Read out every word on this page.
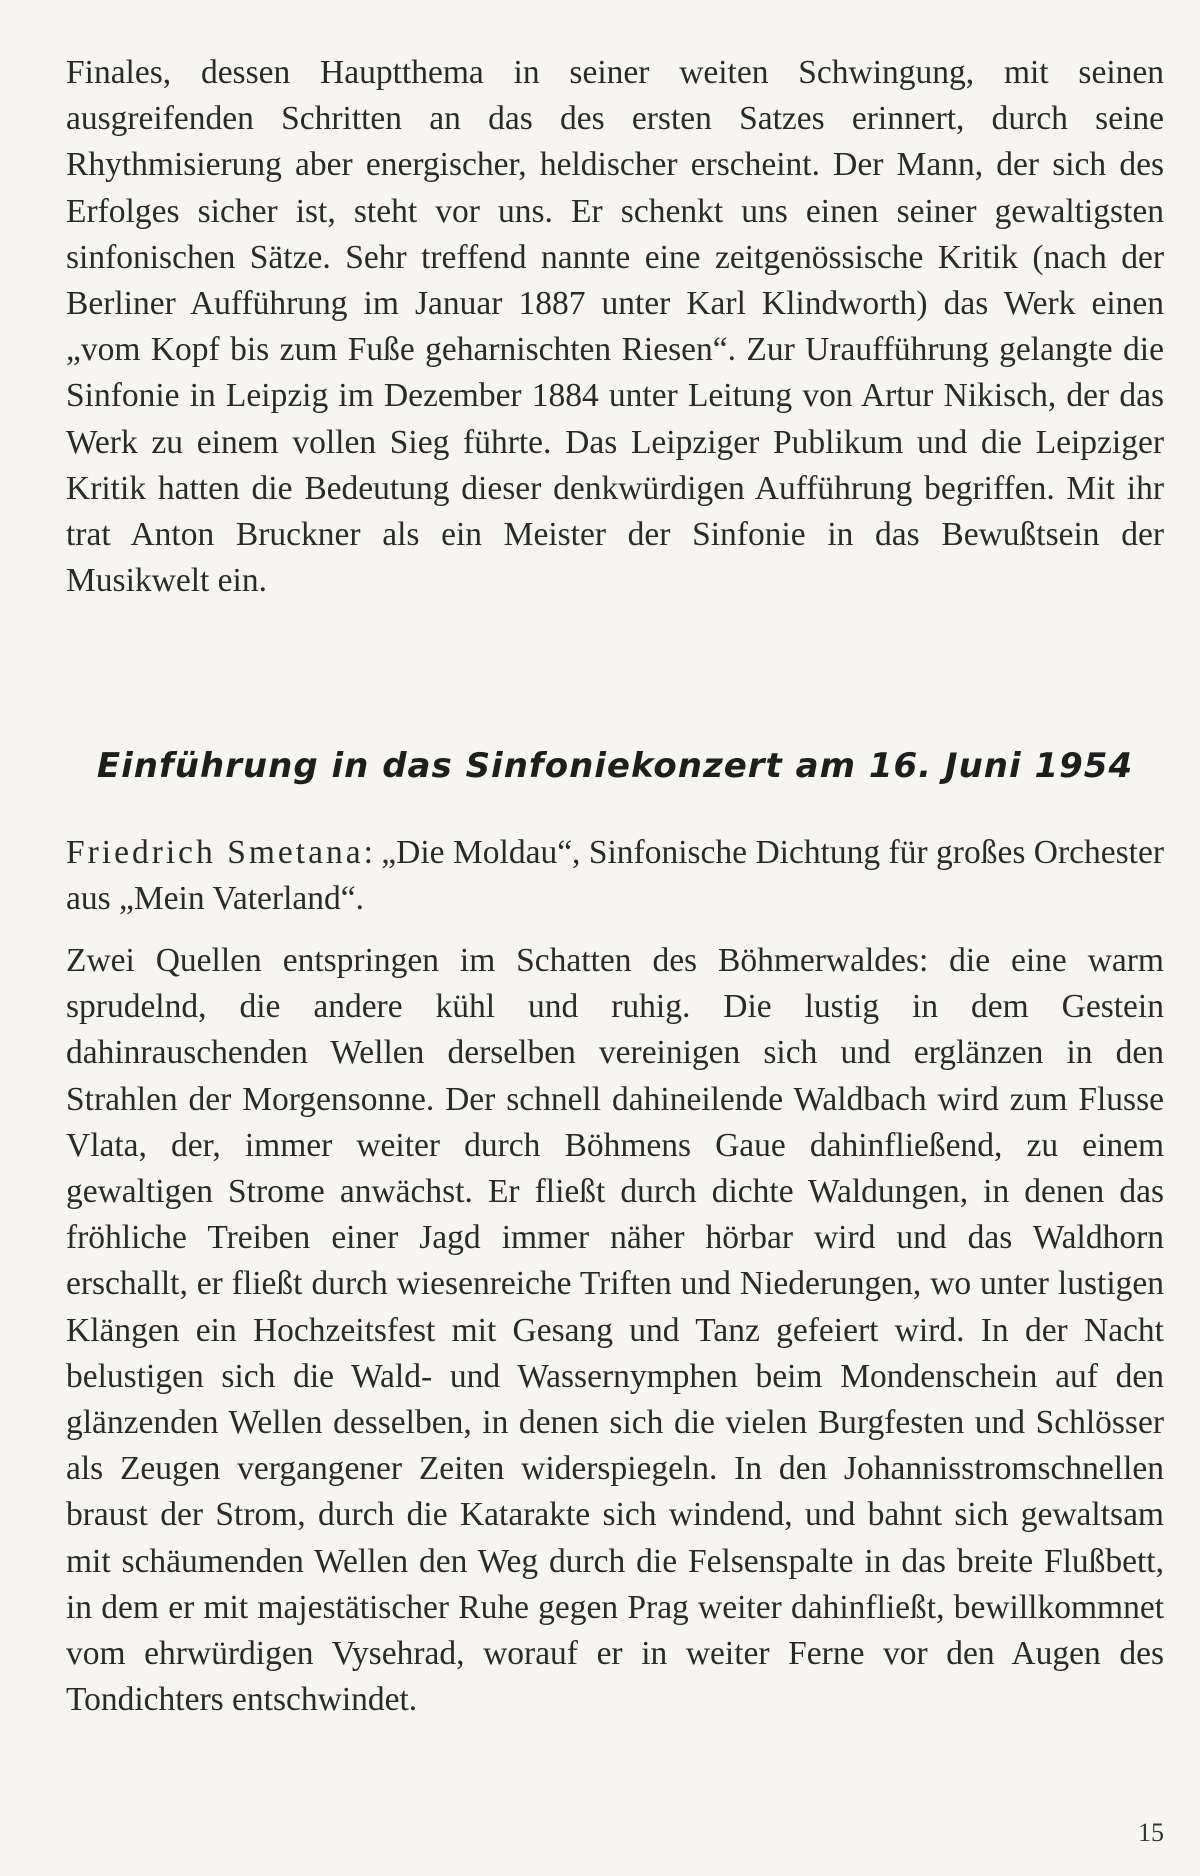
Finales, dessen Hauptthema in seiner weiten Schwingung, mit seinen ausgreifenden Schritten an das des ersten Satzes erinnert, durch seine Rhythmisierung aber energischer, heldischer erscheint. Der Mann, der sich des Erfolges sicher ist, steht vor uns. Er schenkt uns einen seiner gewaltigsten sinfonischen Sätze. Sehr treffend nannte eine zeitgenössische Kritik (nach der Berliner Aufführung im Januar 1887 unter Karl Klindworth) das Werk einen „vom Kopf bis zum Fuße geharnischten Riesen“. Zur Uraufführung gelangte die Sinfonie in Leipzig im Dezember 1884 unter Leitung von Artur Nikisch, der das Werk zu einem vollen Sieg führte. Das Leipziger Publikum und die Leipziger Kritik hatten die Bedeutung dieser denkwürdigen Aufführung begriffen. Mit ihr trat Anton Bruckner als ein Meister der Sinfonie in das Bewußtsein der Musikwelt ein.

Einführung in das Sinfoniekonzert am 16. Juni 1954

Friedrich Smetana: „Die Moldau“, Sinfonische Dichtung für großes Orchester aus „Mein Vaterland“.

Zwei Quellen entspringen im Schatten des Böhmerwaldes: die eine warm sprudelnd, die andere kühl und ruhig. Die lustig in dem Gestein dahinrauschenden Wellen derselben vereinigen sich und erglänzen in den Strahlen der Morgensonne. Der schnell dahineilende Waldbach wird zum Flusse Vlata, der, immer weiter durch Böhmens Gaue dahinfließend, zu einem gewaltigen Strome anwächst. Er fließt durch dichte Waldungen, in denen das fröhliche Treiben einer Jagd immer näher hörbar wird und das Waldhorn erschallt, er fließt durch wiesenreiche Triften und Niederungen, wo unter lustigen Klängen ein Hochzeitsfest mit Gesang und Tanz gefeiert wird. In der Nacht belustigen sich die Wald- und Wassernymphen beim Mondenschein auf den glänzenden Wellen desselben, in denen sich die vielen Burgfesten und Schlösser als Zeugen vergangener Zeiten widerspiegeln. In den Johannisstromschnellen braust der Strom, durch die Katarakte sich windend, und bahnt sich gewaltsam mit schäumenden Wellen den Weg durch die Felsenspalte in das breite Flußbett, in dem er mit majestätischer Ruhe gegen Prag weiter dahinfließt, bewillkommnet vom ehrwürdigen Vysehrad, worauf er in weiter Ferne vor den Augen des Tondichters entschwindet.

15
